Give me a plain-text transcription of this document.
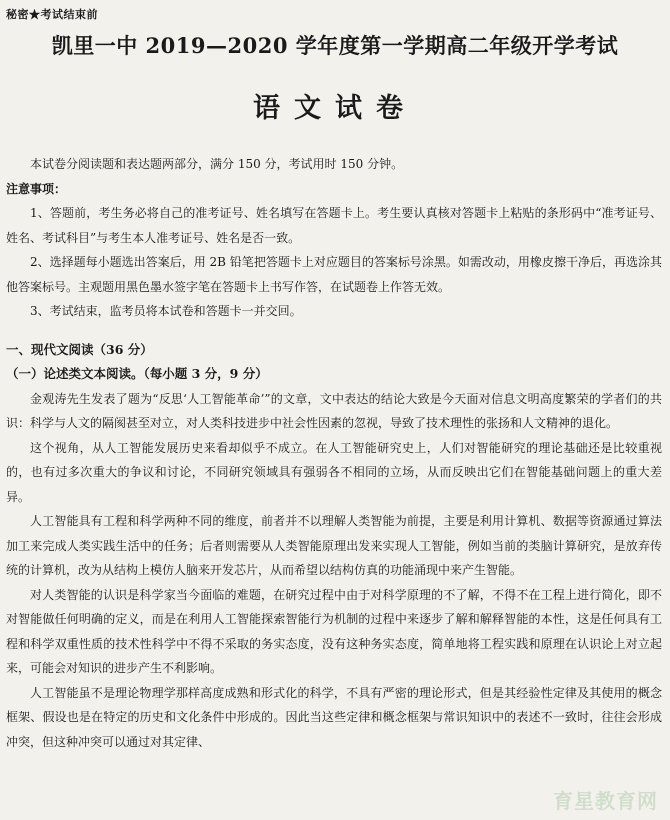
秘密★考试结束前
凯里一中 2019—2020 学年度第一学期高二年级开学考试
语文试卷

本试卷分阅读题和表达题两部分，满分 150 分，考试用时 150 分钟。

注意事项：

1、答题前，考生务必将自己的准考证号、姓名填写在答题卡上。考生要认真核对答题卡上粘贴的条形码中“准考证号、姓名、考试科目”与考生本人准考证号、姓名是否一致。

2、选择题每小题选出答案后，用 2B 铅笔把答题卡上对应题目的答案标号涂黑。如需改动，用橡皮擦干净后，再选涂其他答案标号。主观题用黑色墨水签字笔在答题卡上书写作答，在试题卷上作答无效。

3、考试结束，监考员将本试卷和答题卡一并交回。

一、现代文阅读（36 分）

（一）论述类文本阅读。（每小题 3 分，9 分）

金观涛先生发表了题为“反思‘人工智能革命’”的文章，文中表达的结论大致是今天面对信息文明高度繁荣的学者们的共识：科学与人文的隔阂甚至对立，对人类科技进步中社会性因素的忽视，导致了技术理性的张扬和人文精神的退化。

这个视角，从人工智能发展历史来看却似乎不成立。在人工智能研究史上，人们对智能研究的理论基础还是比较重视的，也有过多次重大的争议和讨论，不同研究领域具有强弱各不相同的立场，从而反映出它们在智能基础问题上的重大差异。

人工智能具有工程和科学两种不同的维度，前者并不以理解人类智能为前提，主要是利用计算机、数据等资源通过算法加工来完成人类实践生活中的任务；后者则需要从人类智能原理出发来实现人工智能，例如当前的类脑计算研究，是放弃传统的计算机，改为从结构上模仿人脑来开发芯片，从而希望以结构仿真的功能涌现中来产生智能。

对人类智能的认识是科学家当今面临的难题，在研究过程中由于对科学原理的不了解，不得不在工程上进行简化，即不对智能做任何明确的定义，而是在利用人工智能探索智能行为机制的过程中来逐步了解和解释智能的本性，这是任何具有工程和科学双重性质的技术性科学中不得不采取的务实态度，没有这种务实态度，简单地将工程实践和原理在认识论上对立起来，可能会对知识的进步产生不利影响。

人工智能虽不是理论物理学那样高度成熟和形式化的科学，不具有严密的理论形式，但是其经验性定律及其使用的概念框架、假设也是在特定的历史和文化条件中形成的。因此当这些定律和概念框架与常识知识中的表述不一致时，往往会形成冲突，但这种冲突可以通过对其定律、

育星教育网
